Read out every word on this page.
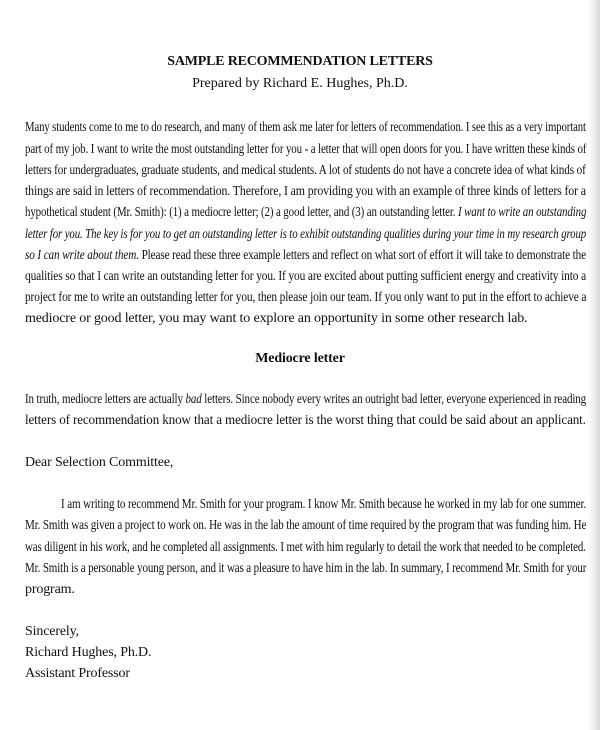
SAMPLE RECOMMENDATION LETTERS
Prepared by Richard E. Hughes, Ph.D.
Many students come to me to do research, and many of them ask me later for letters of recommendation. I see this as a very important
part of my job. I want to write the most outstanding letter for you - a letter that will open doors for you. I have written these kinds of
letters for undergraduates, graduate students, and medical students. A lot of students do not have a concrete idea of what kinds of
things are said in letters of recommendation. Therefore, I am providing you with an example of three kinds of letters for a
hypothetical student (Mr. Smith): (1) a mediocre letter; (2) a good letter, and (3) an outstanding letter. I want to write an outstanding
letter for you. The key is for you to get an outstanding letter is to exhibit outstanding qualities during your time in my research group
so I can write about them. Please read these three example letters and reflect on what sort of effort it will take to demonstrate the
qualities so that I can write an outstanding letter for you. If you are excited about putting sufficient energy and creativity into a
project for me to write an outstanding letter for you, then please join our team. If you only want to put in the effort to achieve a
mediocre or good letter, you may want to explore an opportunity in some other research lab.
Mediocre letter
In truth, mediocre letters are actually bad letters. Since nobody every writes an outright bad letter, everyone experienced in reading
letters of recommendation know that a mediocre letter is the worst thing that could be said about an applicant.
Dear Selection Committee,
I am writing to recommend Mr. Smith for your program. I know Mr. Smith because he worked in my lab for one summer.
Mr. Smith was given a project to work on. He was in the lab the amount of time required by the program that was funding him. He
was diligent in his work, and he completed all assignments. I met with him regularly to detail the work that needed to be completed.
Mr. Smith is a personable young person, and it was a pleasure to have him in the lab. In summary, I recommend Mr. Smith for your
program.
Sincerely,
Richard Hughes, Ph.D.
Assistant Professor
